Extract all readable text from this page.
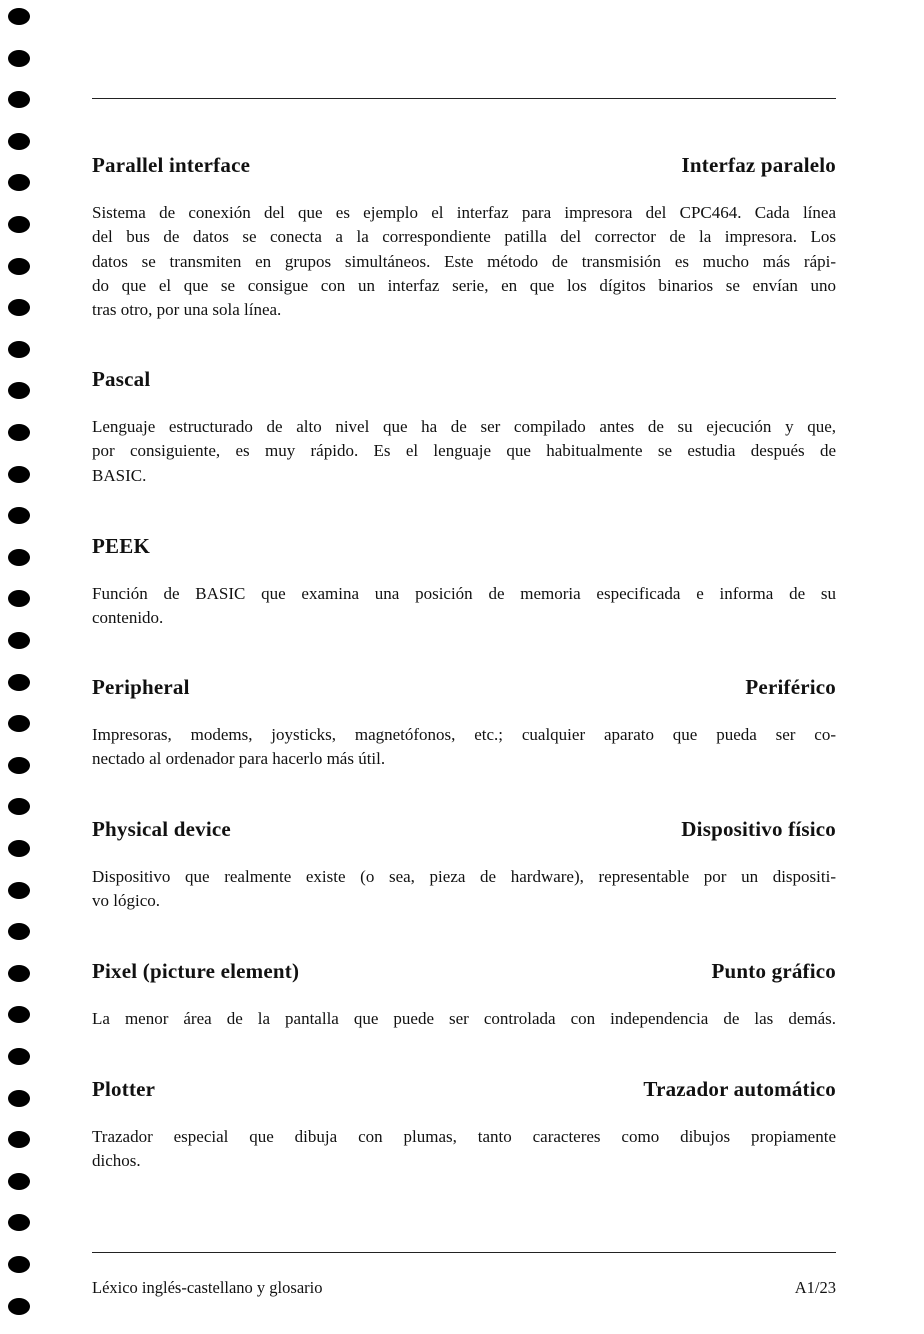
Parallel interface	Interfaz paralelo
Sistema de conexión del que es ejemplo el interfaz para impresora del CPC464. Cada línea
del bus de datos se conecta a la correspondiente patilla del corrector de la impresora. Los
datos se transmiten en grupos simultáneos. Este método de transmisión es mucho más rápi-
do que el que se consigue con un interfaz serie, en que los dígitos binarios se envían uno
tras otro, por una sola línea.
Pascal
Lenguaje estructurado de alto nivel que ha de ser compilado antes de su ejecución y que,
por consiguiente, es muy rápido. Es el lenguaje que habitualmente se estudia después de
BASIC.
PEEK
Función de BASIC que examina una posición de memoria especificada e informa de su
contenido.
Peripheral	Periférico
Impresoras, modems, joysticks, magnetófonos, etc.; cualquier aparato que pueda ser co-
nectado al ordenador para hacerlo más útil.
Physical device	Dispositivo físico
Dispositivo que realmente existe (o sea, pieza de hardware), representable por un dispositi-
vo lógico.
Pixel (picture element)	Punto gráfico
La menor área de la pantalla que puede ser controlada con independencia de las demás.
Plotter	Trazador automático
Trazador especial que dibuja con plumas, tanto caracteres como dibujos propiamente
dichos.
Léxico inglés-castellano y glosario	A1/23
